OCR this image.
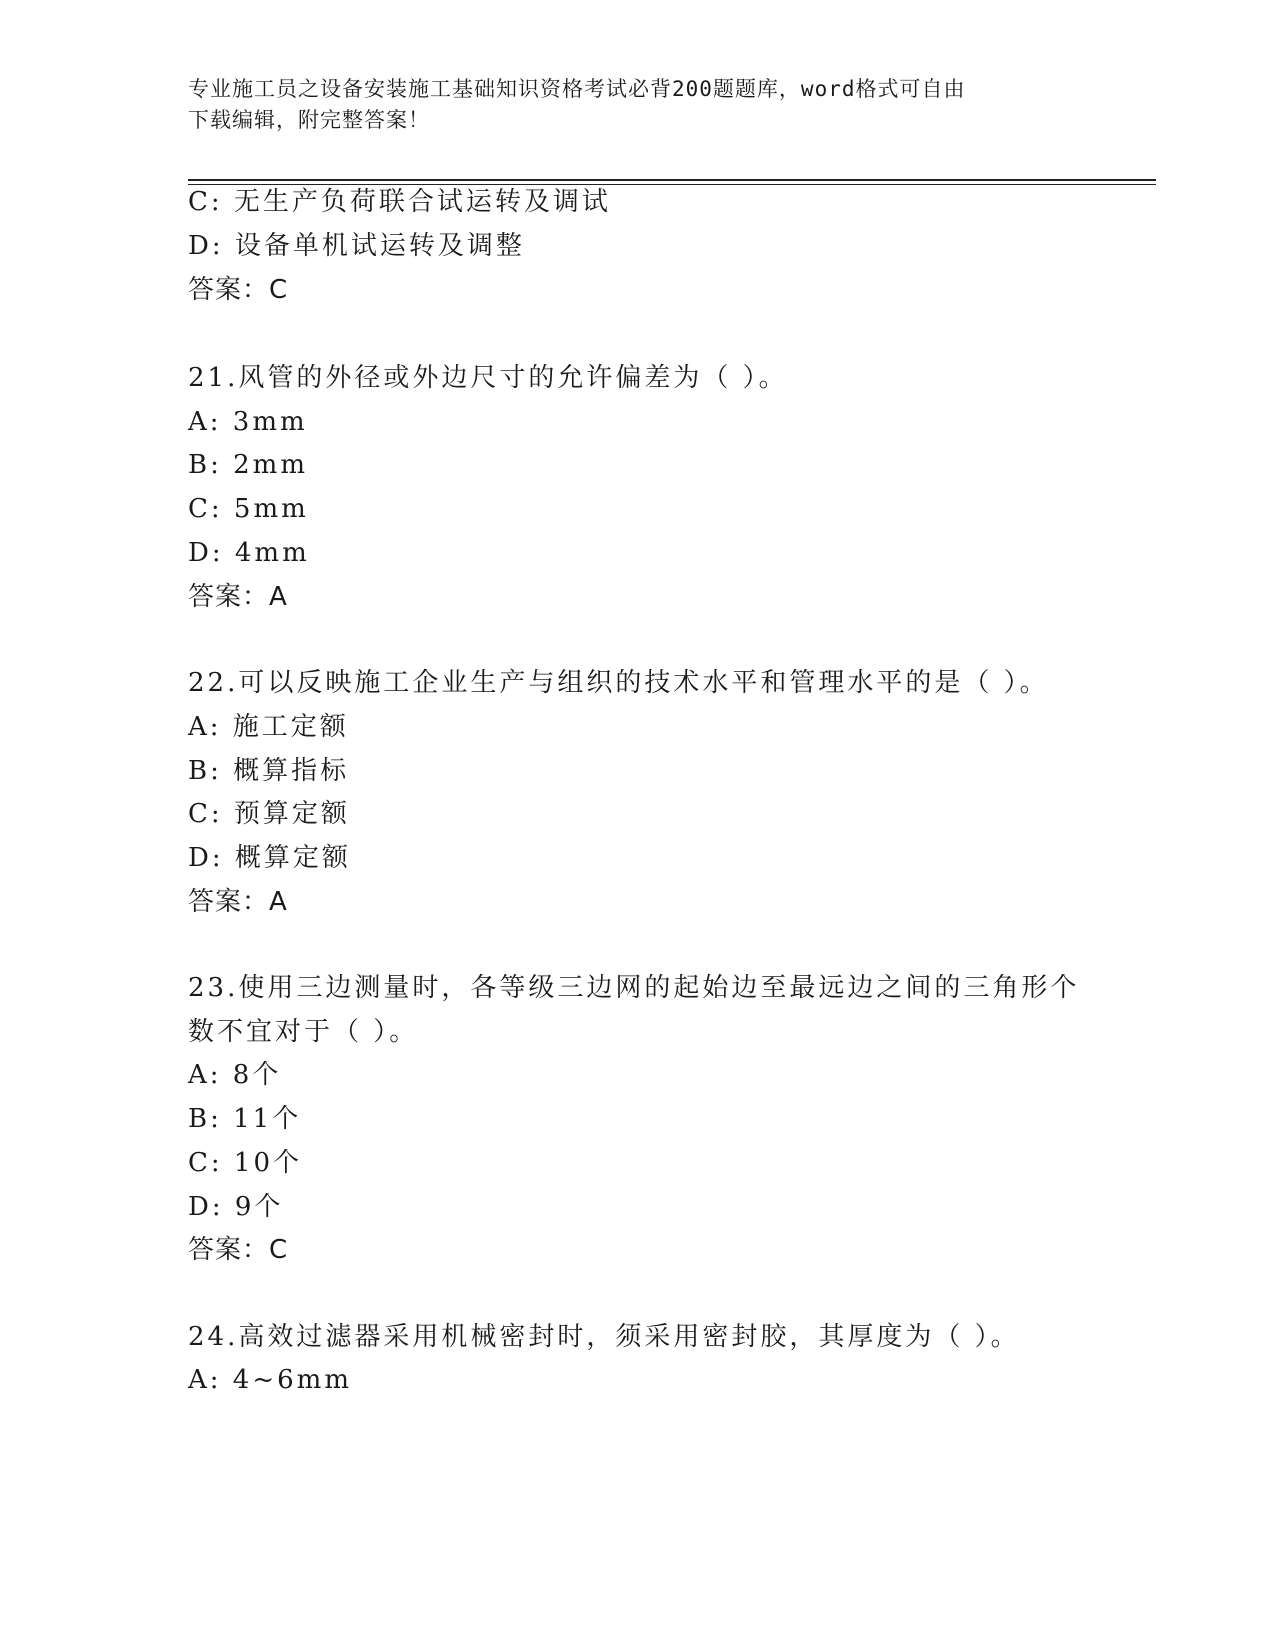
专业施工员之设备安装施工基础知识资格考试必背200题题库，word格式可自由
下载编辑，附完整答案！
C: 无生产负荷联合试运转及调试
D: 设备单机试运转及调整
答案：C
21.风管的外径或外边尺寸的允许偏差为（ ）。
A: 3mm
B: 2mm
C: 5mm
D: 4mm
答案：A
22.可以反映施工企业生产与组织的技术水平和管理水平的是（ ）。
A: 施工定额
B: 概算指标
C: 预算定额
D: 概算定额
答案：A
23.使用三边测量时，各等级三边网的起始边至最远边之间的三角形个
数不宜对于（ ）。
A: 8个
B: 11个
C: 10个
D: 9个
答案：C
24.高效过滤器采用机械密封时，须采用密封胶，其厚度为（ ）。
A: 4~6mm
